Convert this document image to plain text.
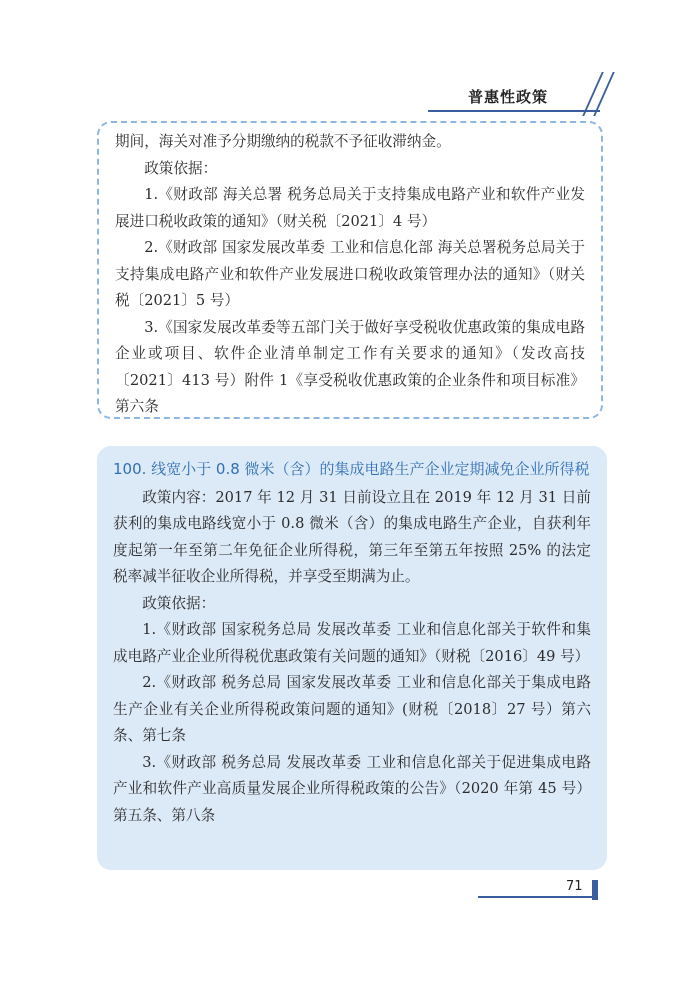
普惠性政策

期间，海关对准予分期缴纳的税款不予征收滞纳金。

政策依据：

1.《财政部 海关总署 税务总局关于支持集成电路产业和软件产业发展进口税收政策的通知》（财关税〔2021〕4 号）

2.《财政部 国家发展改革委 工业和信息化部 海关总署税务总局关于支持集成电路产业和软件产业发展进口税收政策管理办法的通知》（财关税〔2021〕5 号）

3.《国家发展改革委等五部门关于做好享受税收优惠政策的集成电路企业或项目、软件企业清单制定工作有关要求的通知》（发改高技〔2021〕413 号）附件 1《享受税收优惠政策的企业条件和项目标准》第六条

100. 线宽小于 0.8 微米（含）的集成电路生产企业定期减免企业所得税

政策内容：2017 年 12 月 31 日前设立且在 2019 年 12 月 31 日前获利的集成电路线宽小于 0.8 微米（含）的集成电路生产企业，自获利年度起第一年至第二年免征企业所得税，第三年至第五年按照 25% 的法定税率减半征收企业所得税，并享受至期满为止。

政策依据：

1.《财政部 国家税务总局 发展改革委 工业和信息化部关于软件和集成电路产业企业所得税优惠政策有关问题的通知》（财税〔2016〕49 号）

2.《财政部 税务总局 国家发展改革委 工业和信息化部关于集成电路生产企业有关企业所得税政策问题的通知》(财税〔2018〕27 号）第六条、第七条

3.《财政部 税务总局 发展改革委 工业和信息化部关于促进集成电路产业和软件产业高质量发展企业所得税政策的公告》（2020 年第 45 号）第五条、第八条

71
